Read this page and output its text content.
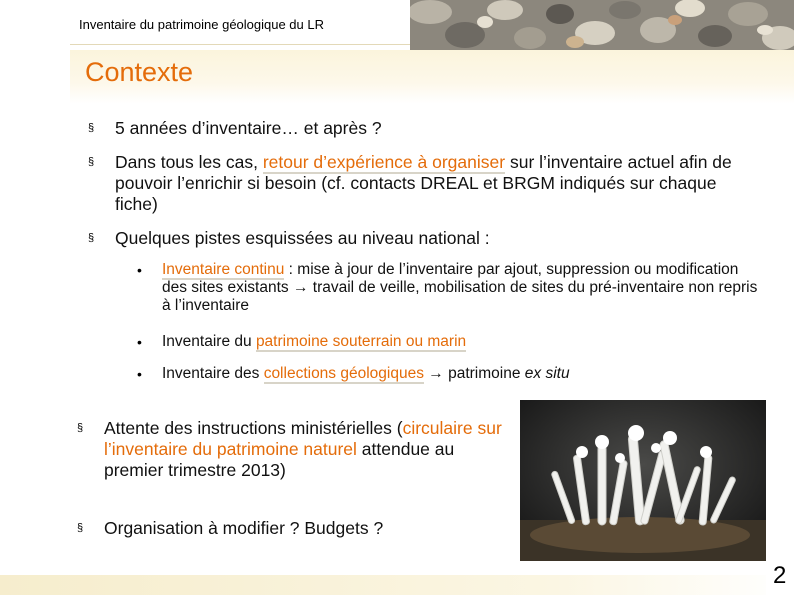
Inventaire du patrimoine géologique du LR
Contexte
§ 5 années d’inventaire… et après ?
§ Dans tous les cas, retour d’expérience à organiser sur l’inventaire actuel afin de pouvoir l’enrichir si besoin (cf. contacts DREAL et BRGM indiqués sur chaque fiche)
§ Quelques pistes esquissées au niveau national :
• Inventaire continu : mise à jour de l’inventaire par ajout, suppression ou modification des sites existants → travail de veille, mobilisation de sites du pré-inventaire non repris à l’inventaire
• Inventaire du patrimoine souterrain ou marin
• Inventaire des collections géologiques → patrimoine ex situ
§ Attente des instructions ministérielles (circulaire sur l’inventaire du patrimoine naturel attendue au premier trimestre 2013)
§ Organisation à modifier ? Budgets ?
2
